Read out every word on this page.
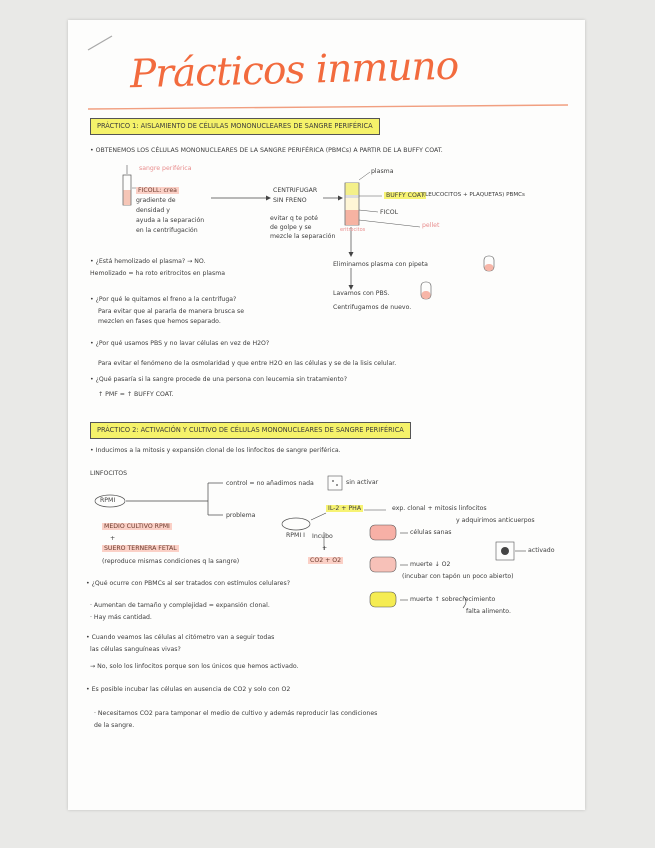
Prácticos inmuno
PRÁCTICO 1: AISLAMIENTO DE CÉLULAS MONONUCLEARES DE SANGRE PERIFÉRICA
• OBTENEMOS LOS CÉLULAS MONONUCLEARES DE LA SANGRE PERIFÉRICA (PBMCs) A PARTIR DE LA BUFFY COAT.
sangre periférica
FICOLL: crea
gradiente de
densidad y
ayuda a la separación
en la centrifugación
CENTRIFUGAR
SIN FRENO
evitar q te poté
de golpe y se
mezcle la separación
plasma
BUFFY COAT
(LEUCOCITOS + PLAQUETAS) PBMCs
FICOL
pellet
eritrocitos
• ¿Está hemolizado el plasma? → NO.
Hemolizado = ha roto eritrocitos en plasma
Eliminamos plasma con pipeta
Lavamos con PBS.
Centrifugamos de nuevo.
• ¿Por qué le quitamos el freno a la centrífuga?
Para evitar que al pararla de manera brusca se
mezclen en fases que hemos separado.
• ¿Por qué usamos PBS y no lavar células en vez de H2O?
Para evitar el fenómeno de la osmolaridad y que entre H2O en las células y se de la lisis celular.
• ¿Qué pasaría si la sangre procede de una persona con leucemia sin tratamiento?
↑ PMF = ↑ BUFFY COAT.
PRÁCTICO 2: ACTIVACIÓN Y CULTIVO DE CÉLULAS MONONUCLEARES DE SANGRE PERIFÉRICA
• Inducimos a la mitosis y expansión clonal de los linfocitos de sangre periférica.
LINFOCITOS
RPMI
control = no añadimos nada	sin activar
problema
IL-2 + PHA	exp. clonal + mitosis linfocitos
y adquirimos anticuerpos
RPMI I
MEDIO CULTIVO RPMI
+
SUERO TERNERA FETAL
(reproduce mismas condiciones q la sangre)
Incubo
+
CO2 + O2
células sanas
activado
muerte ↓ O2
(incubar con tapón un poco abierto)
muerte ↑ sobrecrecimiento
falta alimento.
• ¿Qué ocurre con PBMCs al ser tratados con estímulos celulares?
· Aumentan de tamaño y complejidad = expansión clonal.
· Hay más cantidad.
• Cuando veamos las células al citómetro van a seguir todas
las células sanguíneas vivas?
→ No, solo los linfocitos porque son los únicos que hemos activado.
• Es posible incubar las células en ausencia de CO2 y solo con O2
· Necesitamos CO2 para tamponar el medio de cultivo y además reproducir las condiciones
de la sangre.
